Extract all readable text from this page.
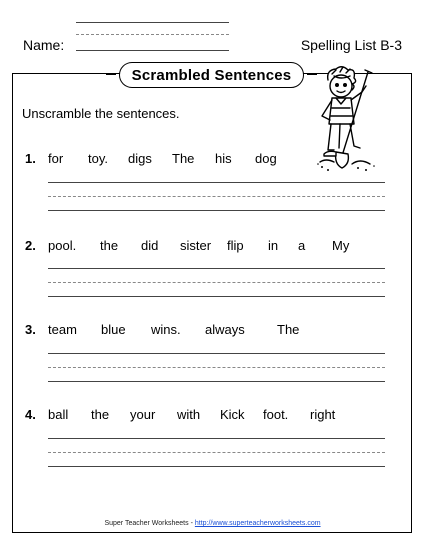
Name:	Spelling List B-3
Scrambled Sentences
Unscramble the sentences.
1. for toy. digs The his dog
2. pool. the did sister flip in a My
3. team blue wins. always The
4. ball the your with Kick foot. right
Super Teacher Worksheets - http://www.superteacherworksheets.com
